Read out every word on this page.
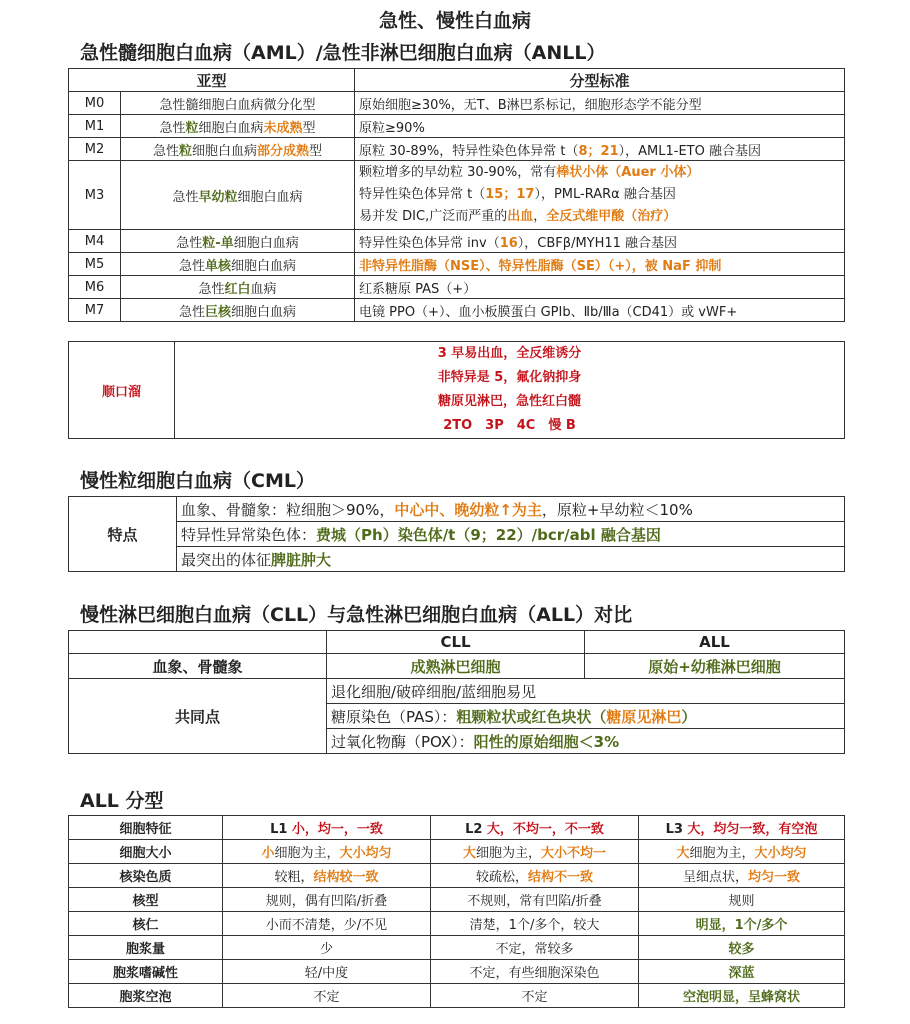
急性、慢性白血病
急性髓细胞白血病（AML）/急性非淋巴细胞白血病（ANLL）
亚型		分型标准
M0	急性髓细胞白血病微分化型	原始细胞≥30%，无T、B淋巴系标记，细胞形态学不能分型
M1	急性粒细胞白血病未成熟型	原粒≥90%
M2	急性粒细胞白血病部分成熟型	原粒 30-89%，特异性染色体异常 t（8；21），AML1-ETO 融合基因
M3	急性早幼粒细胞白血病	颗粒增多的早幼粒 30-90%，常有棒状小体（Auer 小体）
特异性染色体异常 t（15；17），PML-RARα 融合基因
易并发 DIC,广泛而严重的出血，全反式维甲酸（治疗）

M4	急性粒-单细胞白血病	特异性染色体异常 inv（16），CBFβ/MYH11 融合基因
M5	急性单核细胞白血病	非特异性脂酶（NSE）、特异性脂酶（SE）（+），被 NaF 抑制
M6	急性红白血病	红系糖原 PAS（+）
M7	急性巨核细胞白血病	电镜 PPO（+）、血小板膜蛋白 GPⅠb、Ⅱb/Ⅲa（CD41）或 vWF+
顺口溜	
3 早易出血，全反维诱分
非特异是 5，氟化钠抑身
糖原见淋巴，急性红白髓
2TO　3P　4C　慢 B
慢性粒细胞白血病（CML）
特点	血象、骨髓象：粒细胞＞90%，中心中、晚幼粒↑为主，原粒+早幼粒＜10%
特异性异常染色体：费城（Ph）染色体/t（9；22）/bcr/abl 融合基因
最突出的体征脾脏肿大
慢性淋巴细胞白血病（CLL）与急性淋巴细胞白血病（ALL）对比
	CLL	ALL
血象、骨髓象	成熟淋巴细胞	原始+幼稚淋巴细胞
共同点	退化细胞/破碎细胞/蓝细胞易见	
	糖原染色（PAS）：粗颗粒状或红色块状（糖原见淋巴）	
	过氧化物酶（POX）：阳性的原始细胞＜3%	
ALL 分型
细胞特征	L1 小，均一，一致	L2 大，不均一，不一致	L3 大，均匀一致，有空泡
细胞大小	小细胞为主，大小均匀	大细胞为主，大小不均一	大细胞为主，大小均匀
核染色质	较粗，结构较一致	较疏松，结构不一致	呈细点状，均匀一致
核型	规则，偶有凹陷/折叠	不规则，常有凹陷/折叠	规则
核仁	小而不清楚，少/不见	清楚，1个/多个，较大	明显，1个/多个
胞浆量	少	不定，常较多	较多
胞浆嗜碱性	轻/中度	不定，有些细胞深染色	深蓝
胞浆空泡	不定	不定	空泡明显，呈蜂窝状
